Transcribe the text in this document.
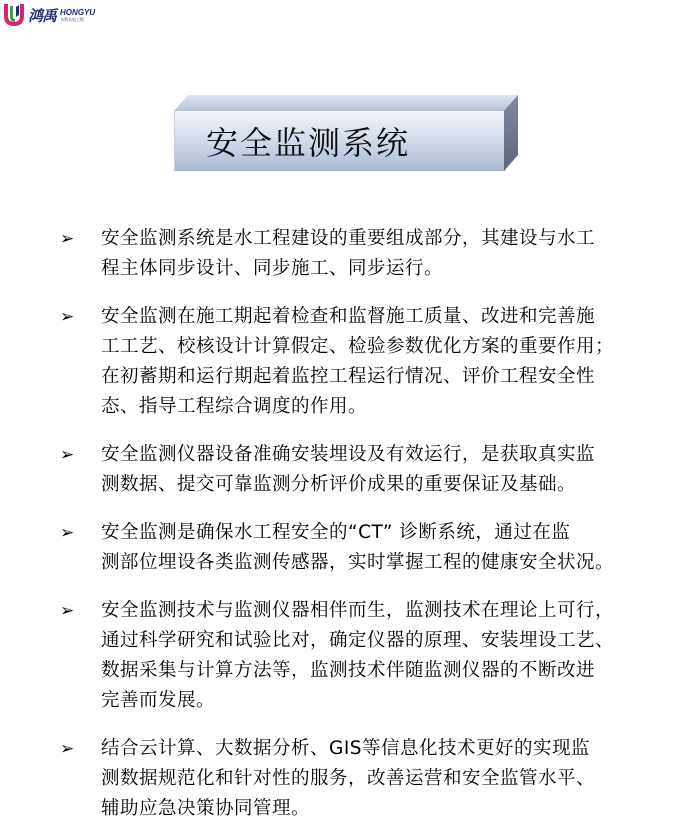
鸿禹 HONGYU
水利水电工程
安全监测系统
➢ 安全监测系统是水工程建设的重要组成部分，其建设与水工
程主体同步设计、同步施工、同步运行。
➢ 安全监测在施工期起着检查和监督施工质量、改进和完善施
工工艺、校核设计计算假定、检验参数优化方案的重要作用；
在初蓄期和运行期起着监控工程运行情况、评价工程安全性
态、指导工程综合调度的作用。
➢ 安全监测仪器设备准确安装埋设及有效运行，是获取真实监
测数据、提交可靠监测分析评价成果的重要保证及基础。
➢ 安全监测是确保水工程安全的“CT” 诊断系统，通过在监
测部位埋设各类监测传感器，实时掌握工程的健康安全状况。
➢ 安全监测技术与监测仪器相伴而生，监测技术在理论上可行，
通过科学研究和试验比对，确定仪器的原理、安装埋设工艺、
数据采集与计算方法等，监测技术伴随监测仪器的不断改进
完善而发展。
➢ 结合云计算、大数据分析、GIS等信息化技术更好的实现监
测数据规范化和针对性的服务，改善运营和安全监管水平、
辅助应急决策协同管理。
